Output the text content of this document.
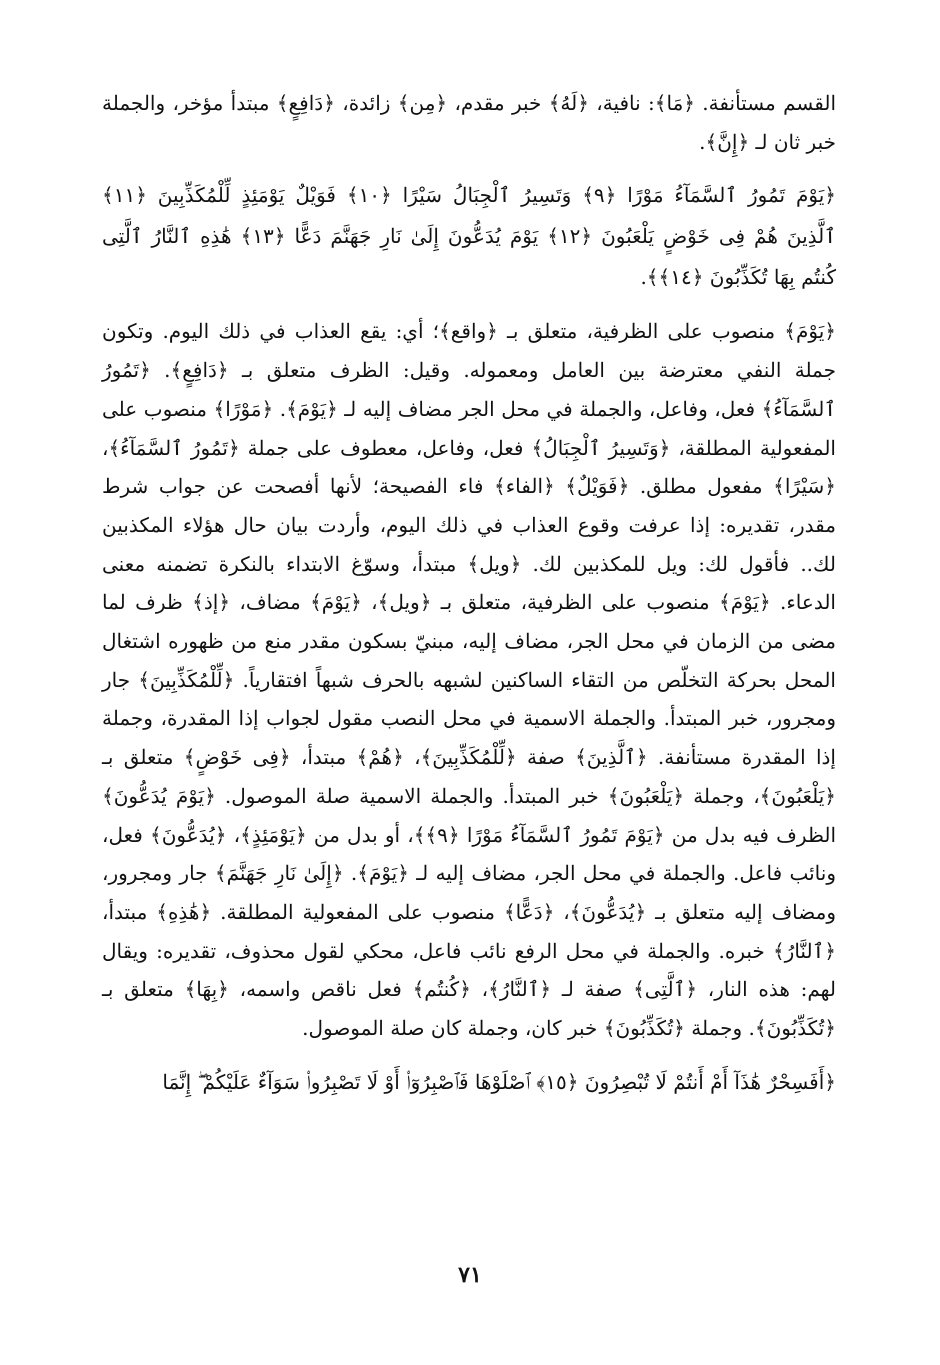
القسم مستأنفة. ﴿مَا﴾: نافية، ﴿لَهُ﴾ خبر مقدم، ﴿مِن﴾ زائدة، ﴿دَافِعٍ﴾ مبتدأ مؤخر، والجملة خبر ثان لـ ﴿إِنَّ﴾.

﴿يَوْمَ تَمُورُ ٱلسَّمَآءُ مَوْرًا ﴿٩﴾ وَتَسِيرُ ٱلْجِبَالُ سَيْرًا ﴿١٠﴾ فَوَيْلٌ يَوْمَئِذٍ لِّلْمُكَذِّبِينَ ﴿١١﴾ ٱلَّذِينَ هُمْ فِى خَوْضٍ يَلْعَبُونَ ﴿١٢﴾ يَوْمَ يُدَعُّونَ إِلَىٰ نَارِ جَهَنَّمَ دَعًّا ﴿١٣﴾ هَٰذِهِ ٱلنَّارُ ٱلَّتِى كُنتُم بِهَا تُكَذِّبُونَ ﴿١٤﴾﴾.

﴿يَوْمَ﴾ منصوب على الظرفية، متعلق بـ ﴿واقع﴾؛ أي: يقع العذاب في ذلك اليوم. وتكون جملة النفي معترضة بين العامل ومعموله. وقيل: الظرف متعلق بـ ﴿دَافِعٍ﴾. ﴿تَمُورُ ٱلسَّمَآءُ﴾ فعل، وفاعل، والجملة في محل الجر مضاف إليه لـ ﴿يَوْمَ﴾. ﴿مَوْرًا﴾ منصوب على المفعولية المطلقة، ﴿وَتَسِيرُ ٱلْجِبَالُ﴾ فعل، وفاعل، معطوف على جملة ﴿تَمُورُ ٱلسَّمَآءُ﴾، ﴿سَيْرًا﴾ مفعول مطلق. ﴿فَوَيْلٌ﴾ ﴿الفاء﴾ فاء الفصيحة؛ لأنها أفصحت عن جواب شرط مقدر، تقديره: إذا عرفت وقوع العذاب في ذلك اليوم، وأردت بيان حال هؤلاء المكذبين لك.. فأقول لك: ويل للمكذبين لك. ﴿ويل﴾ مبتدأ، وسوّغ الابتداء بالنكرة تضمنه معنى الدعاء. ﴿يَوْمَ﴾ منصوب على الظرفية، متعلق بـ ﴿ويل﴾، ﴿يَوْمَ﴾ مضاف، ﴿إذ﴾ ظرف لما مضى من الزمان في محل الجر، مضاف إليه، مبنيّ بسكون مقدر منع من ظهوره اشتغال المحل بحركة التخلّص من التقاء الساكنين لشبهه بالحرف شبهاً افتقارياً. ﴿لِّلْمُكَذِّبِينَ﴾ جار ومجرور، خبر المبتدأ. والجملة الاسمية في محل النصب مقول لجواب إذا المقدرة، وجملة إذا المقدرة مستأنفة. ﴿ٱلَّذِينَ﴾ صفة ﴿لِّلْمُكَذِّبِينَ﴾، ﴿هُمْ﴾ مبتدأ، ﴿فِى خَوْضٍ﴾ متعلق بـ ﴿يَلْعَبُونَ﴾، وجملة ﴿يَلْعَبُونَ﴾ خبر المبتدأ. والجملة الاسمية صلة الموصول. ﴿يَوْمَ يُدَعُّونَ﴾ الظرف فيه بدل من ﴿يَوْمَ تَمُورُ ٱلسَّمَآءُ مَوْرًا ﴿٩﴾﴾، أو بدل من ﴿يَوْمَئِذٍ﴾، ﴿يُدَعُّونَ﴾ فعل، ونائب فاعل. والجملة في محل الجر، مضاف إليه لـ ﴿يَوْمَ﴾. ﴿إِلَىٰ نَارِ جَهَنَّمَ﴾ جار ومجرور، ومضاف إليه متعلق بـ ﴿يُدَعُّونَ﴾، ﴿دَعًّا﴾ منصوب على المفعولية المطلقة. ﴿هَٰذِهِ﴾ مبتدأ، ﴿ٱلنَّارُ﴾ خبره. والجملة في محل الرفع نائب فاعل، محكي لقول محذوف، تقديره: ويقال لهم: هذه النار، ﴿ٱلَّتِى﴾ صفة لـ ﴿ٱلنَّارُ﴾، ﴿كُنتُم﴾ فعل ناقص واسمه، ﴿بِهَا﴾ متعلق بـ ﴿تُكَذِّبُونَ﴾. وجملة ﴿تُكَذِّبُونَ﴾ خبر كان، وجملة كان صلة الموصول.

﴿أَفَسِحْرٌ هَٰذَآ أَمْ أَنتُمْ لَا تُبْصِرُونَ ﴿١٥﴾ ٱصْلَوْهَا فَٱصْبِرُوٓا۟ أَوْ لَا تَصْبِرُوا۟ سَوَآءٌ عَلَيْكُمْ ۖ إِنَّمَا

٧١
